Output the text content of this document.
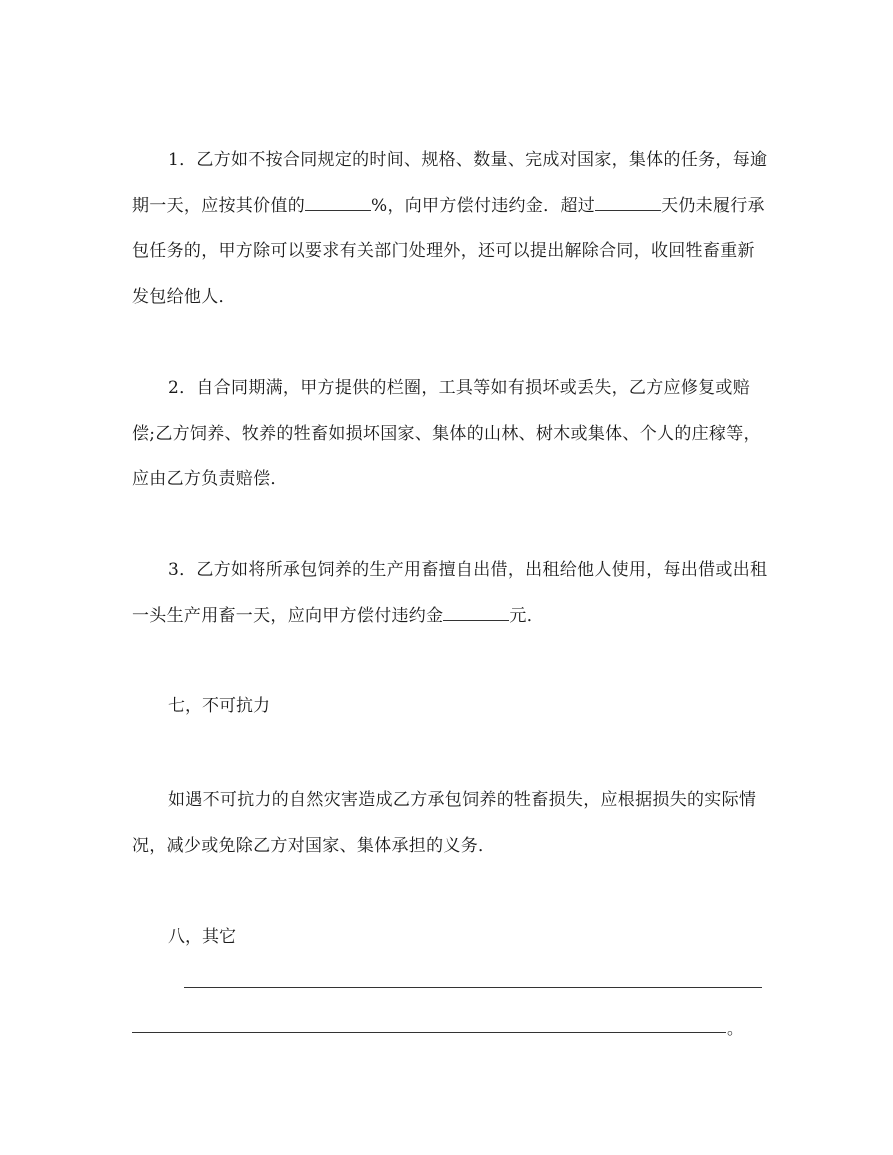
1．乙方如不按合同规定的时间、规格、数量、完成对国家，集体的任务，每逾期一天，应按其价值的	%，向甲方偿付违约金．超过	天仍未履行承包任务的，甲方除可以要求有关部门处理外，还可以提出解除合同，收回牲畜重新发包给他人．

2．自合同期满，甲方提供的栏圈，工具等如有损坏或丢失，乙方应修复或赔偿;乙方饲养、牧养的牲畜如损坏国家、集体的山林、树木或集体、个人的庄稼等，应由乙方负责赔偿．

3．乙方如将所承包饲养的生产用畜擅自出借，出租给他人使用，每出借或出租一头生产用畜一天，应向甲方偿付违约金	元．

七，不可抗力

如遇不可抗力的自然灾害造成乙方承包饲养的牲畜损失，应根据损失的实际情况，减少或免除乙方对国家、集体承担的义务．

八，其它

。
